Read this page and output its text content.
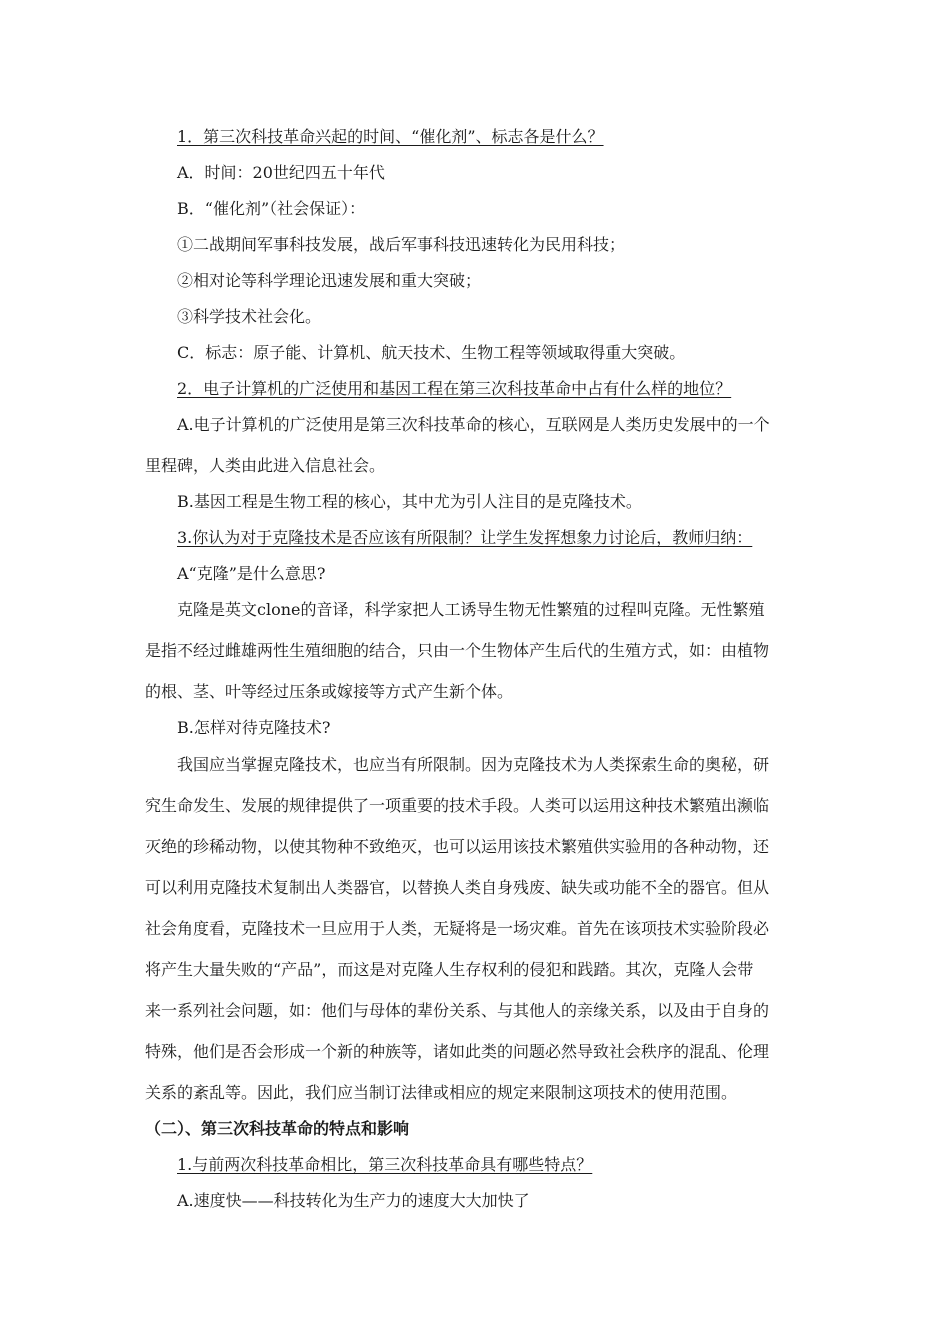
1．第三次科技革命兴起的时间、“催化剂”、标志各是什么？
A．时间：20世纪四五十年代
B．“催化剂”（社会保证）：
①二战期间军事科技发展，战后军事科技迅速转化为民用科技；
②相对论等科学理论迅速发展和重大突破；
③科学技术社会化。
C．标志：原子能、计算机、航天技术、生物工程等领域取得重大突破。
2．电子计算机的广泛使用和基因工程在第三次科技革命中占有什么样的地位？
A.电子计算机的广泛使用是第三次科技革命的核心，互联网是人类历史发展中的一个
里程碑，人类由此进入信息社会。
B.基因工程是生物工程的核心，其中尤为引人注目的是克隆技术。
3.你认为对于克隆技术是否应该有所限制？让学生发挥想象力讨论后，教师归纳：
A“克隆”是什么意思?
克隆是英文clone的音译，科学家把人工诱导生物无性繁殖的过程叫克隆。无性繁殖
是指不经过雌雄两性生殖细胞的结合，只由一个生物体产生后代的生殖方式，如：由植物
的根、茎、叶等经过压条或嫁接等方式产生新个体。
B.怎样对待克隆技术?
我国应当掌握克隆技术，也应当有所限制。因为克隆技术为人类探索生命的奥秘，研
究生命发生、发展的规律提供了一项重要的技术手段。人类可以运用这种技术繁殖出濒临
灭绝的珍稀动物，以使其物种不致绝灭，也可以运用该技术繁殖供实验用的各种动物，还
可以利用克隆技术复制出人类器官，以替换人类自身残废、缺失或功能不全的器官。但从
社会角度看，克隆技术一旦应用于人类，无疑将是一场灾难。首先在该项技术实验阶段必
将产生大量失败的“产品”，而这是对克隆人生存权利的侵犯和践踏。其次，克隆人会带
来一系列社会问题，如：他们与母体的辈份关系、与其他人的亲缘关系，以及由于自身的
特殊，他们是否会形成一个新的种族等，诸如此类的问题必然导致社会秩序的混乱、伦理
关系的紊乱等。因此，我们应当制订法律或相应的规定来限制这项技术的使用范围。
（二）、第三次科技革命的特点和影响
1.与前两次科技革命相比，第三次科技革命具有哪些特点？
A.速度快——科技转化为生产力的速度大大加快了
